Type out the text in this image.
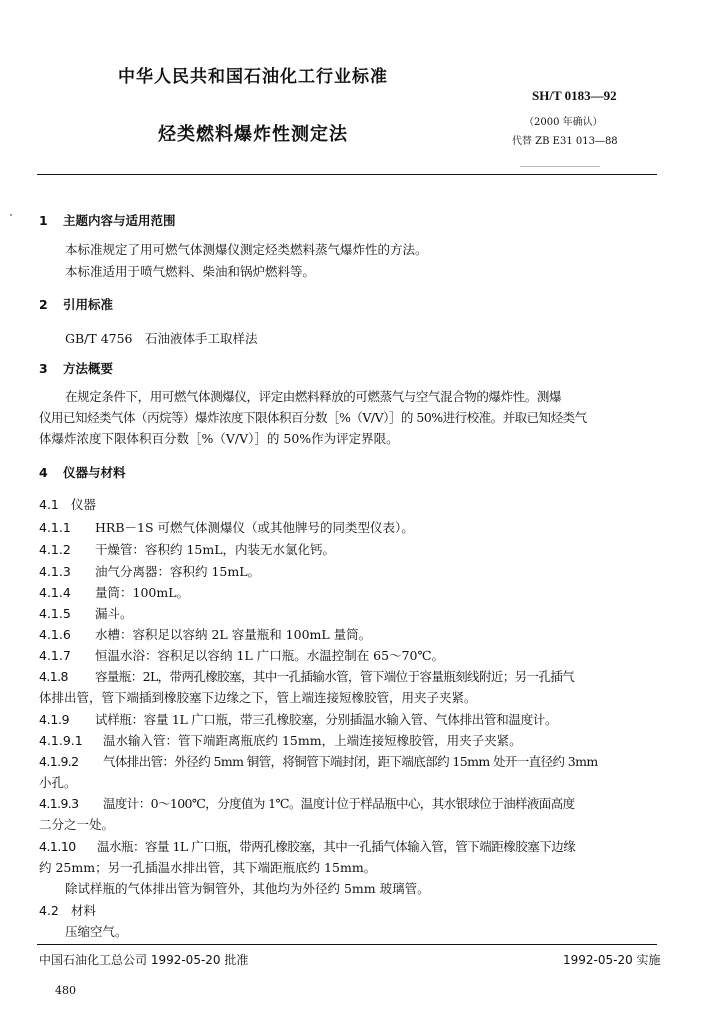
中华人民共和国石油化工行业标准
SH/T 0183—92
（2000 年确认）
烃类燃料爆炸性测定法	代替 ZB E31 013—88
1 主题内容与适用范围
本标准规定了用可燃气体测爆仪测定烃类燃料蒸气爆炸性的方法。
本标准适用于喷气燃料、柴油和锅炉燃料等。
2 引用标准
GB/T 4756　石油液体手工取样法
3 方法概要
在规定条件下，用可燃气体测爆仪，评定由燃料释放的可燃蒸气与空气混合物的爆炸性。测爆
仪用已知烃类气体（丙烷等）爆炸浓度下限体积百分数［%（V/V）］的 50%进行校准。并取已知烃类气
体爆炸浓度下限体积百分数［%（V/V）］的 50%作为评定界限。
4 仪器与材料
4.1 仪器
4.1.1 HRB－1S 可燃气体测爆仪（或其他牌号的同类型仪表）。
4.1.2 干燥管：容积约 15mL，内装无水氯化钙。
4.1.3 油气分离器：容积约 15mL。
4.1.4 量筒：100mL。
4.1.5 漏斗。
4.1.6 水槽：容积足以容纳 2L 容量瓶和 100mL 量筒。
4.1.7 恒温水浴：容积足以容纳 1L 广口瓶。水温控制在 65～70℃。
4.1.8 容量瓶：2L，带两孔橡胶塞，其中一孔插输水管，管下端位于容量瓶刻线附近；另一孔插气
体排出管，管下端插到橡胶塞下边缘之下，管上端连接短橡胶管，用夹子夹紧。
4.1.9 试样瓶：容量 1L 广口瓶，带三孔橡胶塞，分别插温水输入管、气体排出管和温度计。
4.1.9.1 温水输入管：管下端距离瓶底约 15mm，上端连接短橡胶管，用夹子夹紧。
4.1.9.2 气体排出管：外径约 5mm 铜管，将铜管下端封闭，距下端底部约 15mm 处开一直径约 3mm
小孔。
4.1.9.3 温度计：0～100℃，分度值为 1℃。温度计位于样品瓶中心，其水银球位于油样液面高度
二分之一处。
4.1.10 温水瓶：容量 1L 广口瓶，带两孔橡胶塞，其中一孔插气体输入管，管下端距橡胶塞下边缘
约 25mm；另一孔插温水排出管，其下端距瓶底约 15mm。
除试样瓶的气体排出管为铜管外，其他均为外径约 5mm 玻璃管。
4.2 材料
压缩空气。
中国石油化工总公司 1992-05-20 批准	1992-05-20 实施
480
